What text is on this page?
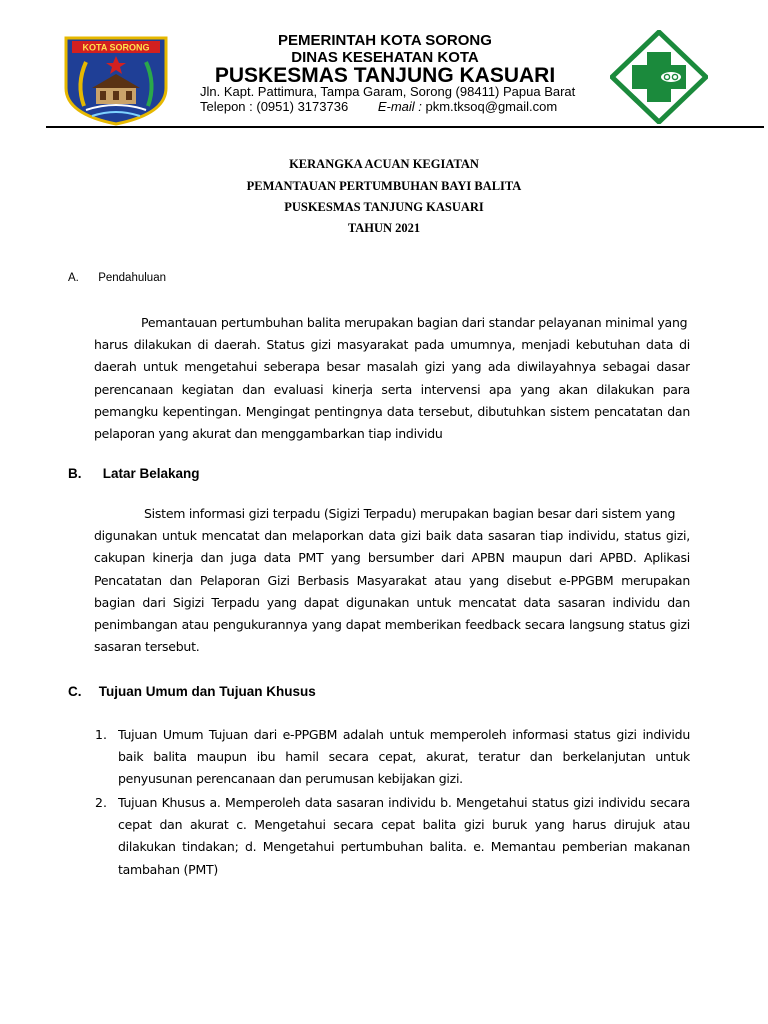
KOTA SORONG	PEMERINTAH KOTA SORONG
DINAS KESEHATAN KOTA
PUSKESMAS TANJUNG KASUARI
Jln. Kapt. Pattimura, Tampa Garam, Sorong (98411) Papua Barat
Telepon : (0951) 3173736 E-mail : pkm.tksoq@gmail.com
KERANGKA ACUAN KEGIATAN
PEMANTAUAN PERTUMBUHAN BAYI BALITA
PUSKESMAS TANJUNG KASUARI
TAHUN 2021
A. Pendahuluan
Pemantauan pertumbuhan balita merupakan bagian dari standar pelayanan minimal yang
harus dilakukan di daerah. Status gizi masyarakat pada umumnya, menjadi kebutuhan data di
daerah untuk mengetahui seberapa besar masalah gizi yang ada diwilayahnya sebagai dasar
perencanaan kegiatan dan evaluasi kinerja serta intervensi apa yang akan dilakukan para
pemangku kepentingan. Mengingat pentingnya data tersebut, dibutuhkan sistem pencatatan dan
pelaporan yang akurat dan menggambarkan tiap individu
B. Latar Belakang
Sistem informasi gizi terpadu (Sigizi Terpadu) merupakan bagian besar dari sistem yang
digunakan untuk mencatat dan melaporkan data gizi baik data sasaran tiap individu, status gizi,
cakupan kinerja dan juga data PMT yang bersumber dari APBN maupun dari APBD. Aplikasi
Pencatatan dan Pelaporan Gizi Berbasis Masyarakat atau yang disebut e-PPGBM merupakan
bagian dari Sigizi Terpadu yang dapat digunakan untuk mencatat data sasaran individu dan
penimbangan atau pengukurannya yang dapat memberikan feedback secara langsung status gizi
sasaran tersebut.
C. Tujuan Umum dan Tujuan Khusus
1. Tujuan Umum Tujuan dari e-PPGBM adalah untuk memperoleh informasi status gizi individu
baik balita maupun ibu hamil secara cepat, akurat, teratur dan berkelanjutan untuk
penyusunan perencanaan dan perumusan kebijakan gizi.
2. Tujuan Khusus a. Memperoleh data sasaran individu b. Mengetahui status gizi individu secara
cepat dan akurat c. Mengetahui secara cepat balita gizi buruk yang harus dirujuk atau
dilakukan tindakan; d. Mengetahui pertumbuhan balita. e. Memantau pemberian makanan
tambahan (PMT)
